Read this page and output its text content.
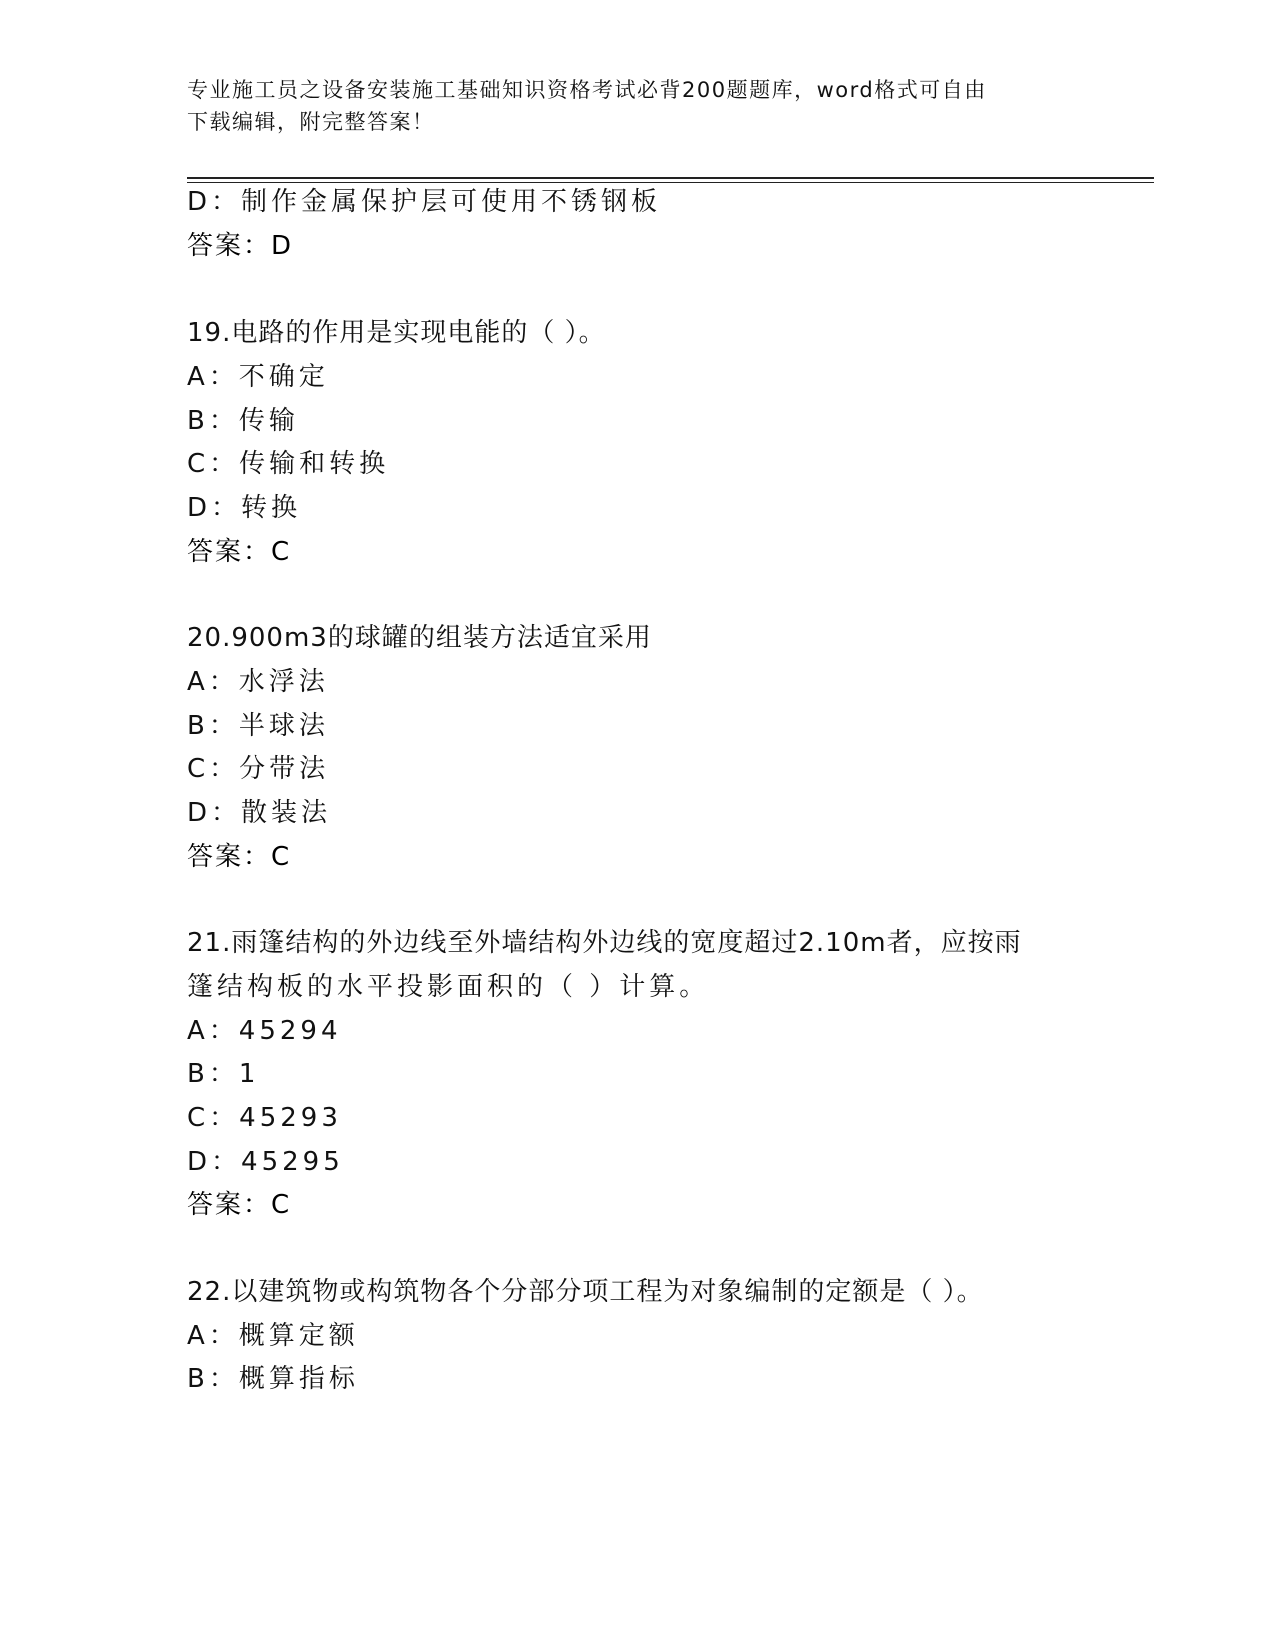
专业施工员之设备安装施工基础知识资格考试必背200题题库，word格式可自由
下载编辑，附完整答案！
D：制作金属保护层可使用不锈钢板
答案：D
19.电路的作用是实现电能的（ ）。
A：不确定
B：传输
C：传输和转换
D：转换
答案：C
20.900m3的球罐的组装方法适宜采用
A：水浮法
B：半球法
C：分带法
D：散装法
答案：C
21.雨篷结构的外边线至外墙结构外边线的宽度超过2.10m者，应按雨
篷结构板的水平投影面积的（ ）计算。
A：45294
B：1
C：45293
D：45295
答案：C
22.以建筑物或构筑物各个分部分项工程为对象编制的定额是（ ）。
A：概算定额
B：概算指标
